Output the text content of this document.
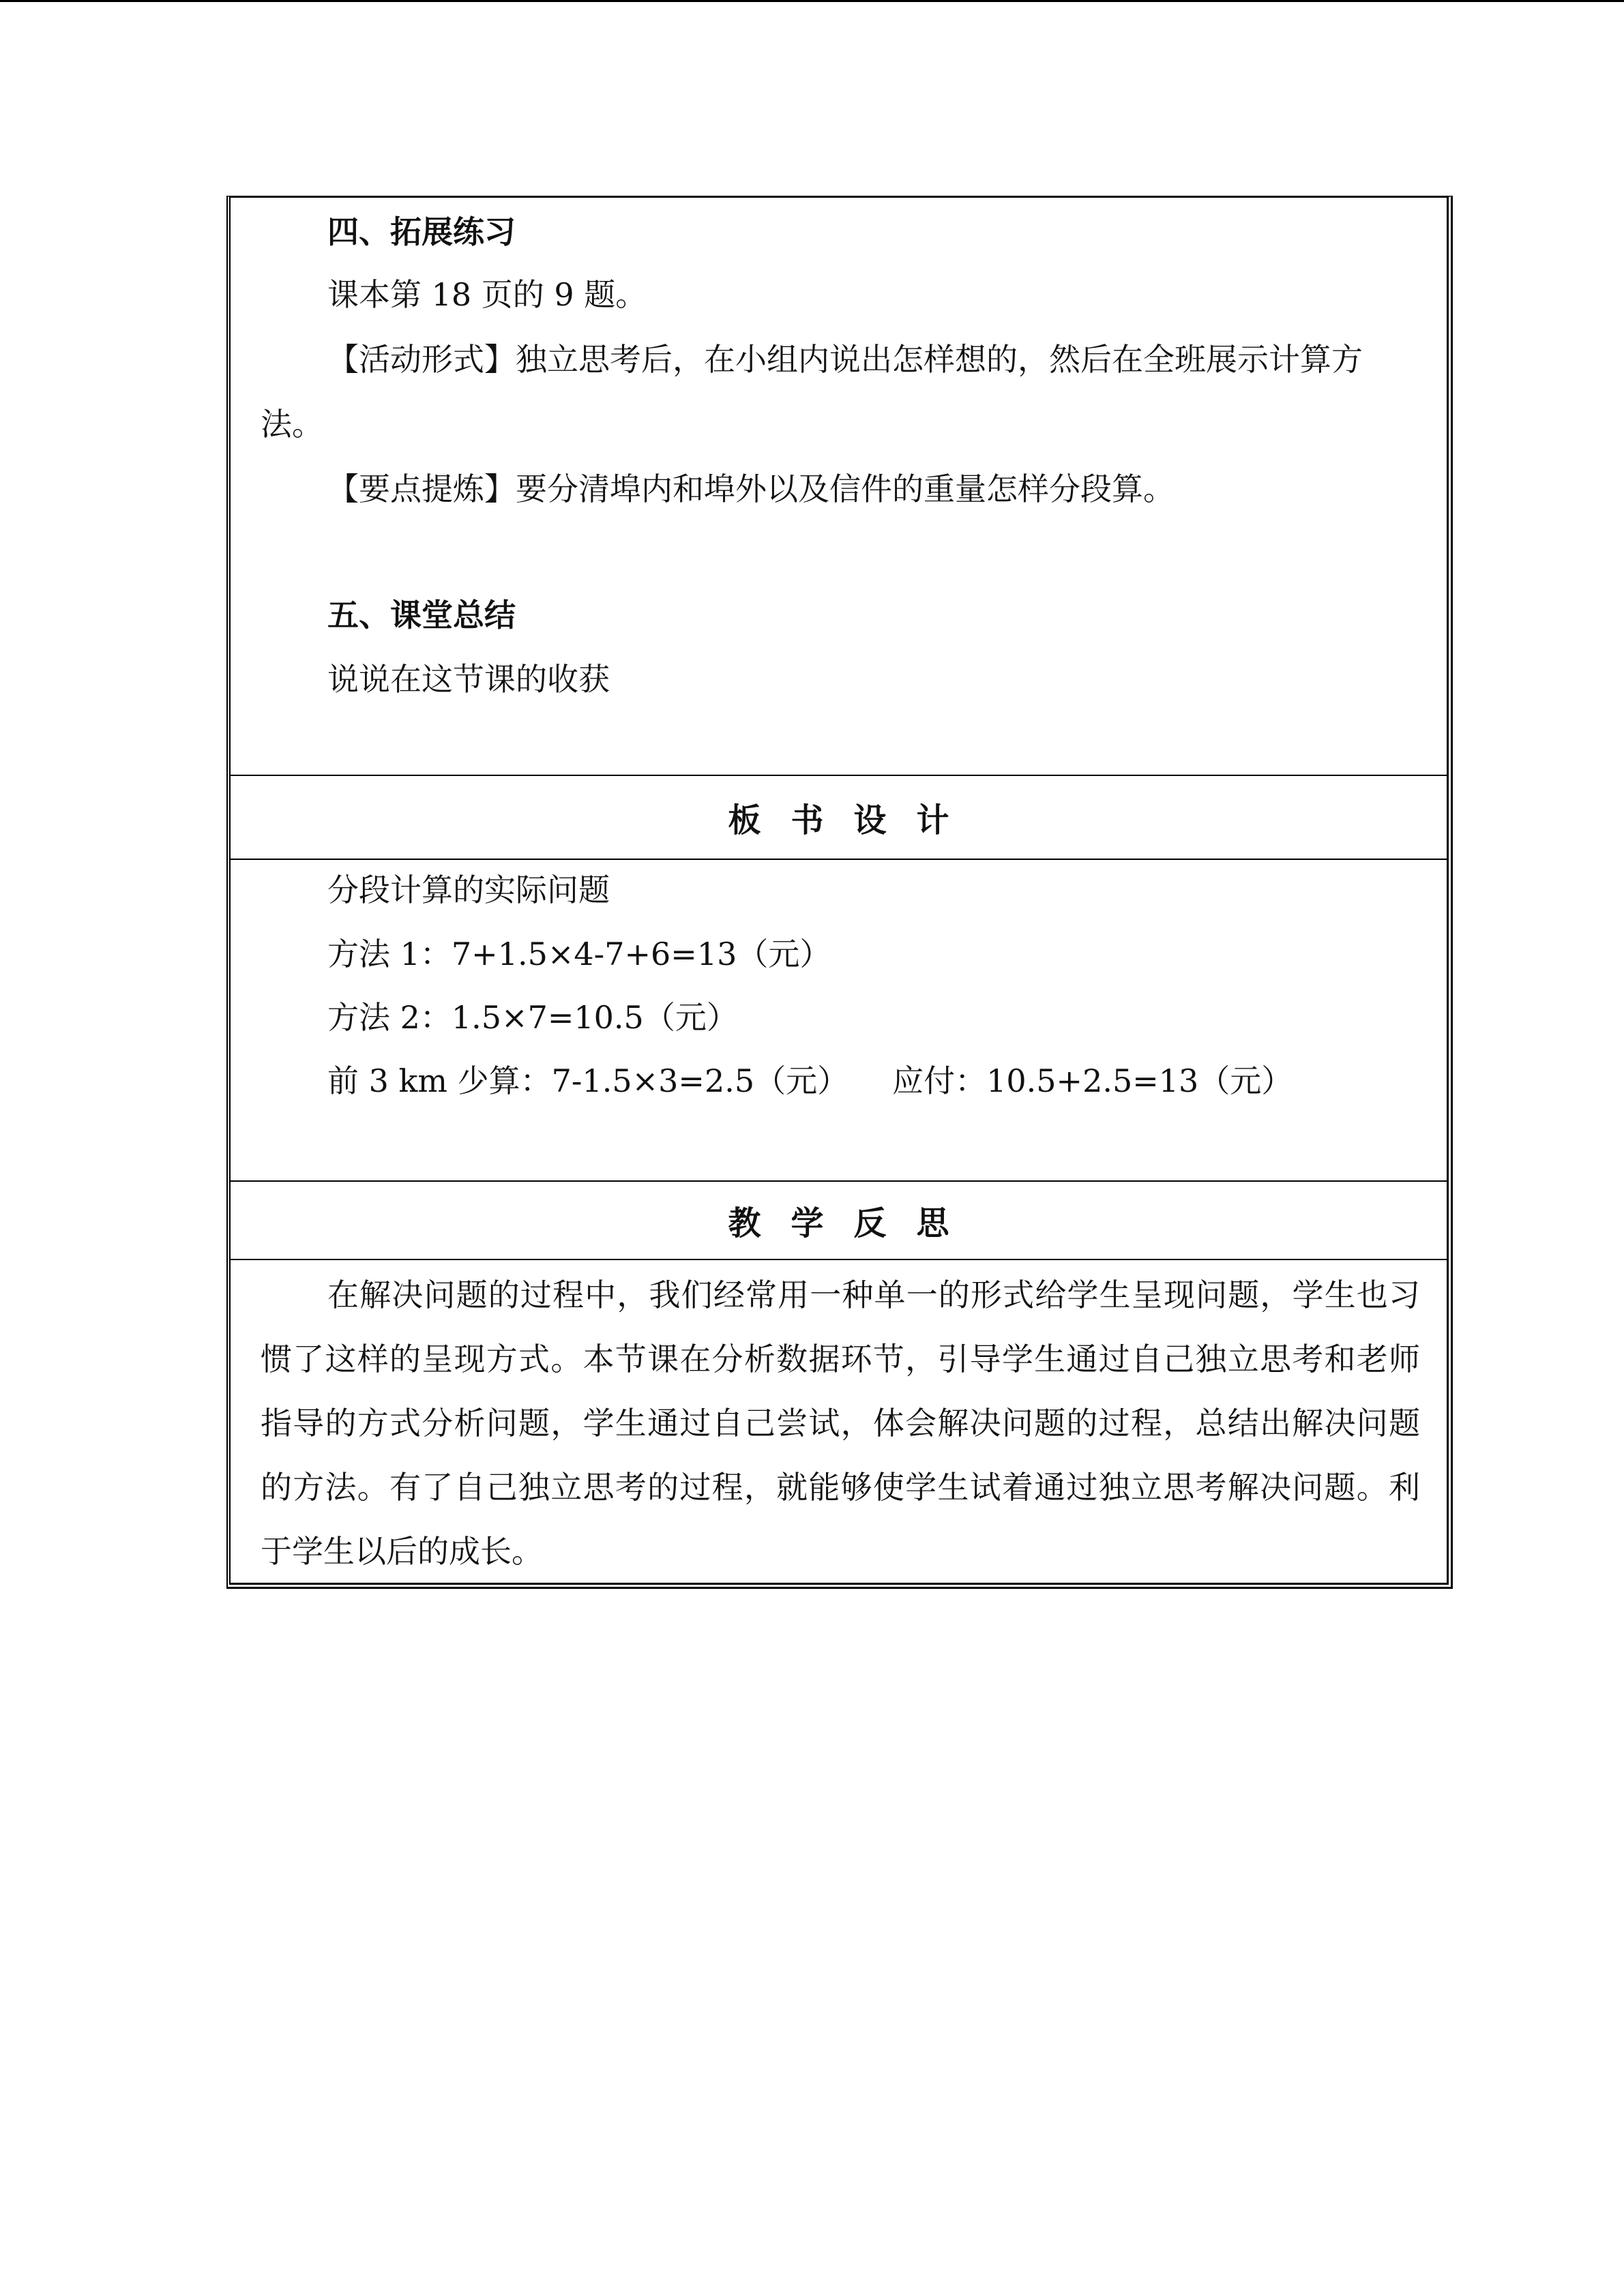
四、拓展练习
课本第 18 页的 9 题。
【活动形式】独立思考后，在小组内说出怎样想的，然后在全班展示计算方
法。
【要点提炼】要分清埠内和埠外以及信件的重量怎样分段算。
五、课堂总结
说说在这节课的收获
板书设计
分段计算的实际问题
方法 1：7+1.5×4-7+6=13（元）
方法 2：1.5×7=10.5（元）
前 3 km 少算：7-1.5×3=2.5（元） 应付：10.5+2.5=13（元）
教学反思
在解决问题的过程中，我们经常用一种单一的形式给学生呈现问题，学生也习惯了这样的呈现方式。本节课在分析数据环节，引导学生通过自己独立思考和老师指导的方式分析问题，学生通过自己尝试，体会解决问题的过程，总结出解决问题的方法。有了自己独立思考的过程，就能够使学生试着通过独立思考解决问题。利于学生以后的成长。
